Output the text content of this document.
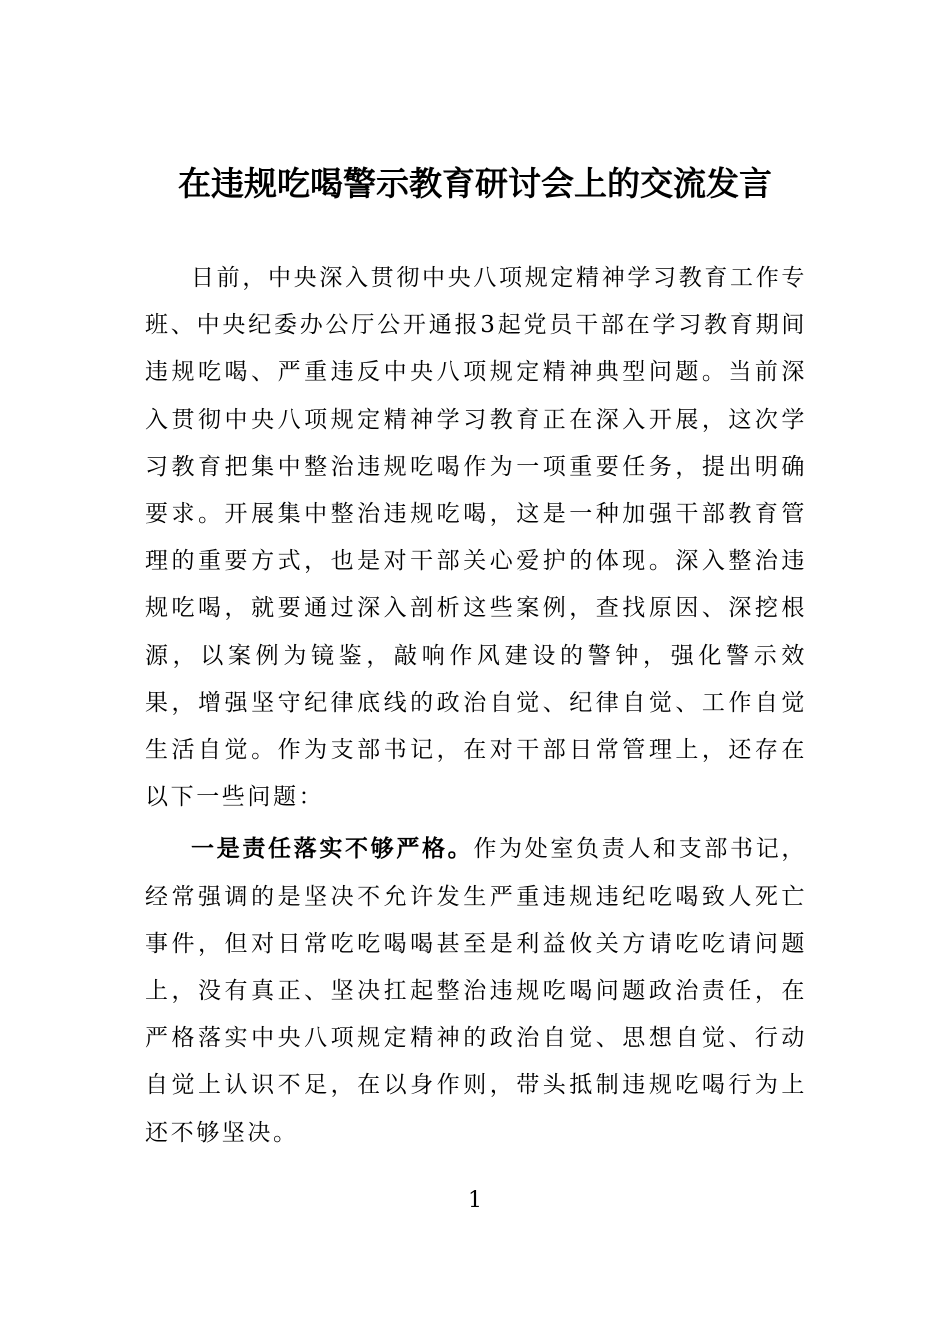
在违规吃喝警示教育研讨会上的交流发言

日前，中央深入贯彻中央八项规定精神学习教育工作专班、中央纪委办公厅公开通报3起党员干部在学习教育期间违规吃喝、严重违反中央八项规定精神典型问题。当前深入贯彻中央八项规定精神学习教育正在深入开展，这次学习教育把集中整治违规吃喝作为一项重要任务，提出明确要求。开展集中整治违规吃喝，这是一种加强干部教育管理的重要方式，也是对干部关心爱护的体现。深入整治违规吃喝，就要通过深入剖析这些案例，查找原因、深挖根源，以案例为镜鉴，敲响作风建设的警钟，强化警示效果，增强坚守纪律底线的政治自觉、纪律自觉、工作自觉生活自觉。作为支部书记，在对干部日常管理上，还存在以下一些问题：

一是责任落实不够严格。作为处室负责人和支部书记，经常强调的是坚决不允许发生严重违规违纪吃喝致人死亡事件，但对日常吃吃喝喝甚至是利益攸关方请吃吃请问题上，没有真正、坚决扛起整治违规吃喝问题政治责任，在严格落实中央八项规定精神的政治自觉、思想自觉、行动自觉上认识不足，在以身作则，带头抵制违规吃喝行为上还不够坚决。

1
